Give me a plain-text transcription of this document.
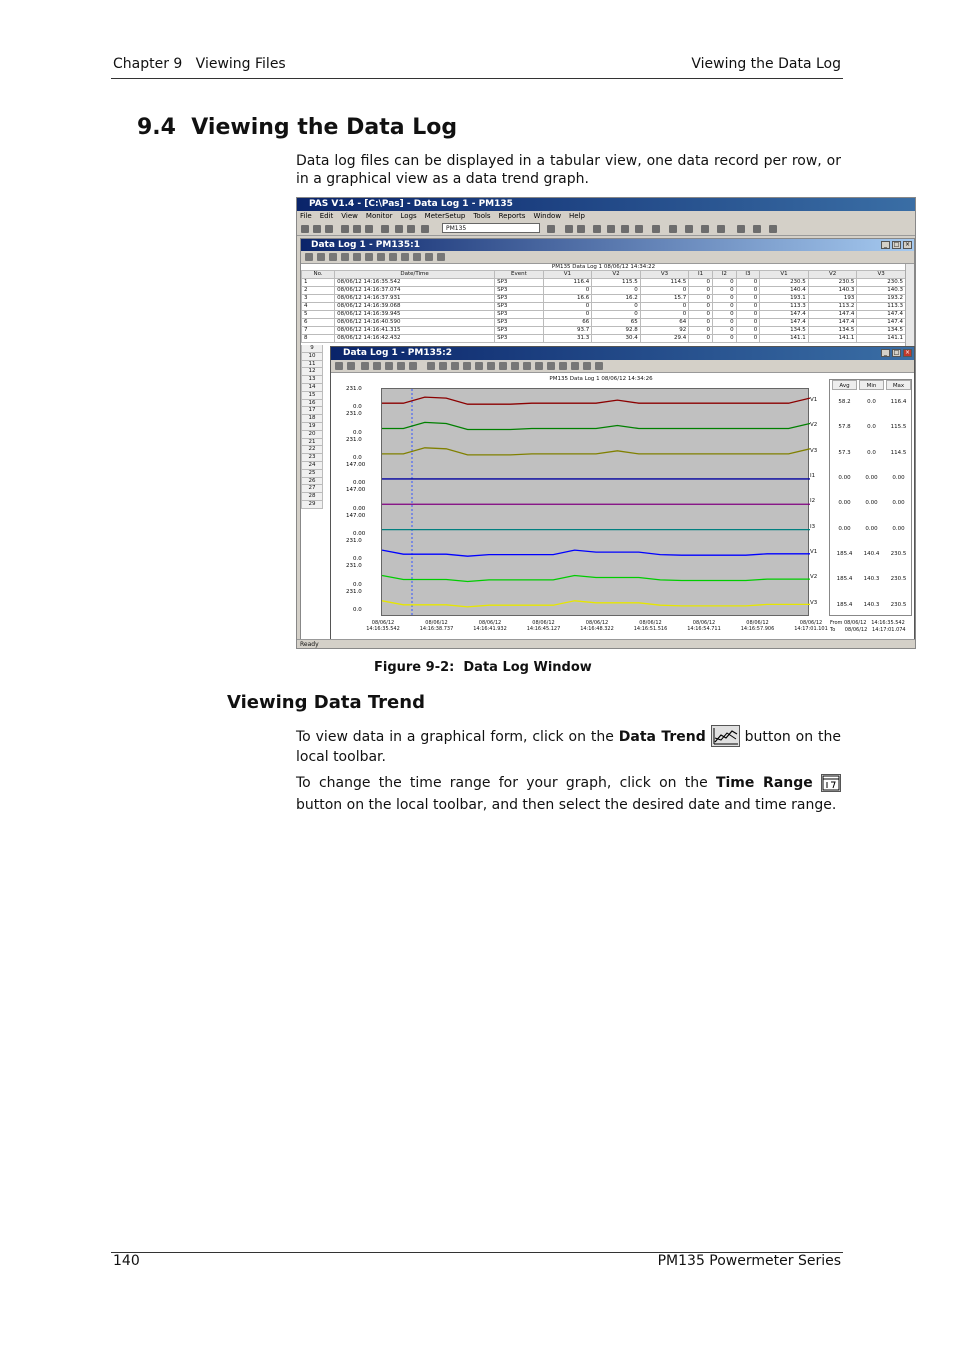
Chapter 9   Viewing Files	Viewing the Data Log
9.4  Viewing the Data Log
Data log files can be displayed in a tabular view, one data record per row, or in a graphical view as a data trend graph.
PAS V1.4 - [C:\Pas] - Data Log 1 - PM135
File Edit View Monitor Logs MeterSetup Tools Reports Window Help
PM135
Data Log 1 - PM135:1	_	□ ×
PM135 Data Log 1 08/06/12 14:34:22
No.	Date/Time	Event	V1	V2	V3	I1	I2	I3	V1	V2	V3
1	08/06/12 14:16:35.542	SP3	116.4	115.5	114.5	0	0	0	230.5	230.5	230.5
2	08/06/12 14:16:37.074	SP3	0	0	0	0	0	0	140.4	140.3	140.3
3	08/06/12 14:16:37.931	SP3	16.6	16.2	15.7	0	0	0	193.1	193	193.2
4	08/06/12 14:16:39.068	SP3	0	0	0	0	0	0	113.3	113.2	113.3
5	08/06/12 14:16:39.945	SP3	0	0	0	0	0	0	147.4	147.4	147.4
6	08/06/12 14:16:40.590	SP3	66	65	64	0	0	0	147.4	147.4	147.4
7	08/06/12 14:16:41.315	SP3	93.7	92.8	92	0	0	0	134.5	134.5	134.5
8	08/06/12 14:16:42.432	SP3	31.3	30.4	29.4	0	0	0	141.1	141.1	141.1
9
10
11
12
13
14
15
16
17
18
19
20
21
22
23
24
25
26
27
28
29
Data Log 1 - PM135:2	_	□ ×
PM135 Data Log 1 08/06/12 14:34:26
Avg	Min	Max
58.2	0.0	116.4
57.8	0.0	115.5
57.3	0.0	114.5
0.00	0.00	0.00
0.00	0.00	0.00
0.00	0.00	0.00
185.4	140.4	230.5
185.4	140.3	230.5
185.4	140.3	230.5
From 08/06/12   14:16:35.542
To      08/06/12   14:17:01.074
231.0
0.0
V1
231.0
0.0
V2
231.0
0.0
V3
147.00
0.00
I1
147.00
0.00
I2
147.00
0.00
I3
231.0
0.0
V1
231.0
0.0
V2
231.0
0.0
V3
08/06/12
14:16:35.542
08/06/12
14:16:38.737
08/06/12
14:16:41.932
08/06/12
14:16:45.127
08/06/12
14:16:48.322
08/06/12
14:16:51.516
08/06/12
14:16:54.711
08/06/12
14:16:57.906
08/06/12
14:17:01.101
Ready
Figure 9-2:  Data Log Window
Viewing Data Trend
To view data in a graphical form, click on the Data Trend  button on the local toolbar.
To change the time range for your graph, click on the Time Range  button on the local toolbar, and then select the desired date and time range.
140	PM135 Powermeter Series
